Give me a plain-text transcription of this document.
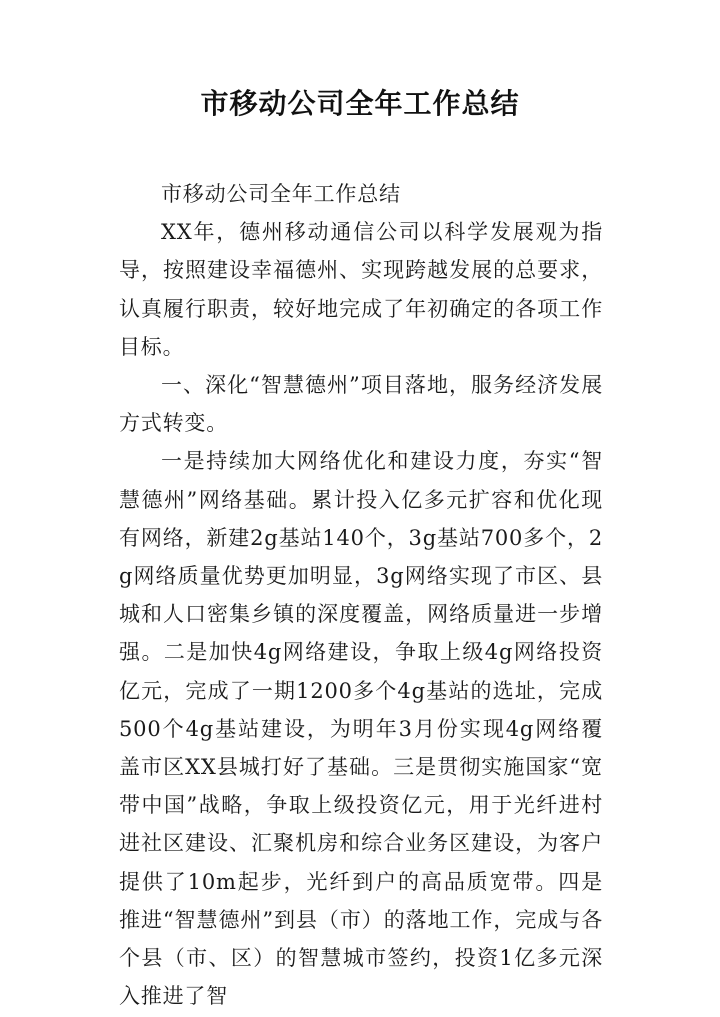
市移动公司全年工作总结

市移动公司全年工作总结

XX年，德州移动通信公司以科学发展观为指导，按照建设幸福德州、实现跨越发展的总要求，认真履行职责，较好地完成了年初确定的各项工作目标。

一、深化“智慧德州”项目落地，服务经济发展方式转变。

一是持续加大网络优化和建设力度，夯实“智慧德州”网络基础。累计投入亿多元扩容和优化现有网络，新建2g基站140个，3g基站700多个，2g网络质量优势更加明显，3g网络实现了市区、县城和人口密集乡镇的深度覆盖，网络质量进一步增强。二是加快4g网络建设，争取上级4g网络投资亿元，完成了一期1200多个4g基站的选址，完成500个4g基站建设，为明年3月份实现4g网络覆盖市区XX县城打好了基础。三是贯彻实施国家“宽带中国”战略，争取上级投资亿元，用于光纤进村进社区建设、汇聚机房和综合业务区建设，为客户提供了10m起步，光纤到户的高品质宽带。四是推进“智慧德州”到县（市）的落地工作，完成与各个县（市、区）的智慧城市签约，投资1亿多元深入推进了智
